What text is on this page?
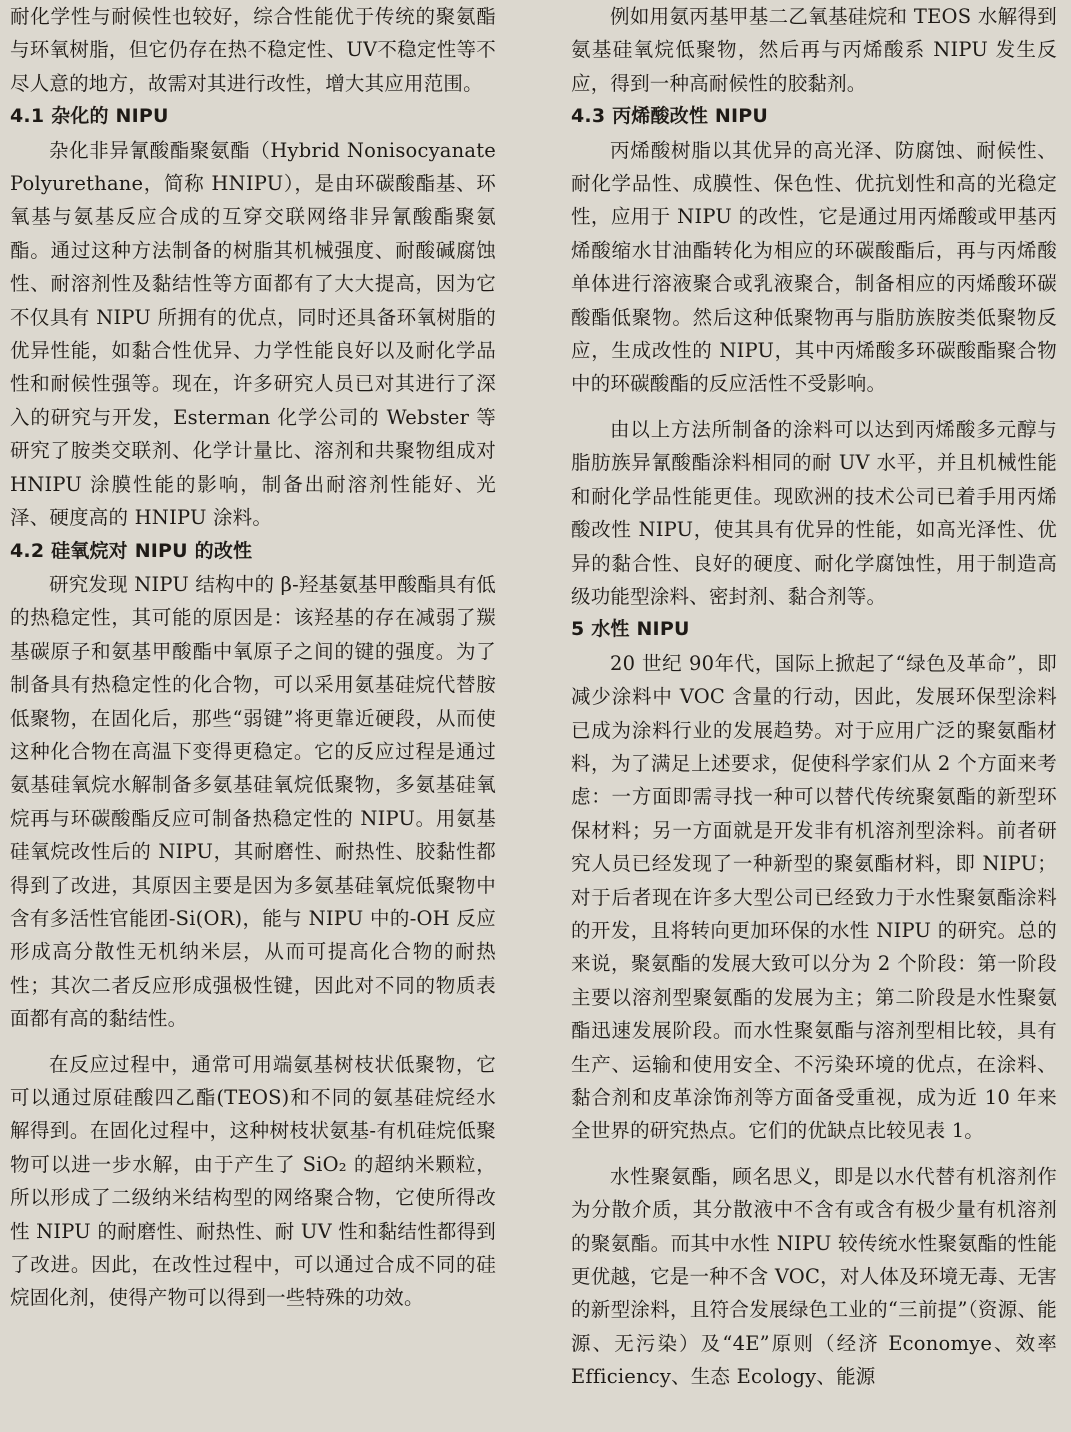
耐化学性与耐候性也较好，综合性能优于传统的聚氨酯与环氧树脂，但它仍存在热不稳定性、UV不稳定性等不尽人意的地方，故需对其进行改性，增大其应用范围。

4.1 杂化的 NIPU

杂化非异氰酸酯聚氨酯（Hybrid Nonisocyanate Polyurethane，简称 HNIPU），是由环碳酸酯基、环氧基与氨基反应合成的互穿交联网络非异氰酸酯聚氨酯。通过这种方法制备的树脂其机械强度、耐酸碱腐蚀性、耐溶剂性及黏结性等方面都有了大大提高，因为它不仅具有 NIPU 所拥有的优点，同时还具备环氧树脂的优异性能，如黏合性优异、力学性能良好以及耐化学品性和耐候性强等。现在，许多研究人员已对其进行了深入的研究与开发，Esterman 化学公司的 Webster 等研究了胺类交联剂、化学计量比、溶剂和共聚物组成对 HNIPU 涂膜性能的影响，制备出耐溶剂性能好、光泽、硬度高的 HNIPU 涂料。

4.2 硅氧烷对 NIPU 的改性

研究发现 NIPU 结构中的 β-羟基氨基甲酸酯具有低的热稳定性，其可能的原因是：该羟基的存在减弱了羰基碳原子和氨基甲酸酯中氧原子之间的键的强度。为了制备具有热稳定性的化合物，可以采用氨基硅烷代替胺低聚物，在固化后，那些“弱键”将更靠近硬段，从而使这种化合物在高温下变得更稳定。它的反应过程是通过氨基硅氧烷水解制备多氨基硅氧烷低聚物，多氨基硅氧烷再与环碳酸酯反应可制备热稳定性的 NIPU。用氨基硅氧烷改性后的 NIPU，其耐磨性、耐热性、胶黏性都得到了改进，其原因主要是因为多氨基硅氧烷低聚物中含有多活性官能团-Si(OR)，能与 NIPU 中的-OH 反应形成高分散性无机纳米层，从而可提高化合物的耐热性；其次二者反应形成强极性键，因此对不同的物质表面都有高的黏结性。

在反应过程中，通常可用端氨基树枝状低聚物，它可以通过原硅酸四乙酯(TEOS)和不同的氨基硅烷经水解得到。在固化过程中，这种树枝状氨基-有机硅烷低聚物可以进一步水解，由于产生了 SiO₂ 的超纳米颗粒，所以形成了二级纳米结构型的网络聚合物，它使所得改性 NIPU 的耐磨性、耐热性、耐 UV 性和黏结性都得到了改进。因此，在改性过程中，可以通过合成不同的硅烷固化剂，使得产物可以得到一些特殊的功效。

例如用氨丙基甲基二乙氧基硅烷和 TEOS 水解得到氨基硅氧烷低聚物，然后再与丙烯酸系 NIPU 发生反应，得到一种高耐候性的胶黏剂。

4.3 丙烯酸改性 NIPU

丙烯酸树脂以其优异的高光泽、防腐蚀、耐候性、耐化学品性、成膜性、保色性、优抗划性和高的光稳定性，应用于 NIPU 的改性，它是通过用丙烯酸或甲基丙烯酸缩水甘油酯转化为相应的环碳酸酯后，再与丙烯酸单体进行溶液聚合或乳液聚合，制备相应的丙烯酸环碳酸酯低聚物。然后这种低聚物再与脂肪族胺类低聚物反应，生成改性的 NIPU，其中丙烯酸多环碳酸酯聚合物中的环碳酸酯的反应活性不受影响。

由以上方法所制备的涂料可以达到丙烯酸多元醇与脂肪族异氰酸酯涂料相同的耐 UV 水平，并且机械性能和耐化学品性能更佳。现欧洲的技术公司已着手用丙烯酸改性 NIPU，使其具有优异的性能，如高光泽性、优异的黏合性、良好的硬度、耐化学腐蚀性，用于制造高级功能型涂料、密封剂、黏合剂等。

5 水性 NIPU

20 世纪 90年代，国际上掀起了“绿色及革命”，即减少涂料中 VOC 含量的行动，因此，发展环保型涂料已成为涂料行业的发展趋势。对于应用广泛的聚氨酯材料，为了满足上述要求，促使科学家们从 2 个方面来考虑：一方面即需寻找一种可以替代传统聚氨酯的新型环保材料；另一方面就是开发非有机溶剂型涂料。前者研究人员已经发现了一种新型的聚氨酯材料，即 NIPU；对于后者现在许多大型公司已经致力于水性聚氨酯涂料的开发，且将转向更加环保的水性 NIPU 的研究。总的来说，聚氨酯的发展大致可以分为 2 个阶段：第一阶段主要以溶剂型聚氨酯的发展为主；第二阶段是水性聚氨酯迅速发展阶段。而水性聚氨酯与溶剂型相比较，具有生产、运输和使用安全、不污染环境的优点，在涂料、黏合剂和皮革涂饰剂等方面备受重视，成为近 10 年来全世界的研究热点。它们的优缺点比较见表 1。

水性聚氨酯，顾名思义，即是以水代替有机溶剂作为分散介质，其分散液中不含有或含有极少量有机溶剂的聚氨酯。而其中水性 NIPU 较传统水性聚氨酯的性能更优越，它是一种不含 VOC，对人体及环境无毒、无害的新型涂料，且符合发展绿色工业的“三前提”（资源、能源、无污染）及“4E”原则（经济 Economye、效率 Efficiency、生态 Ecology、能源
